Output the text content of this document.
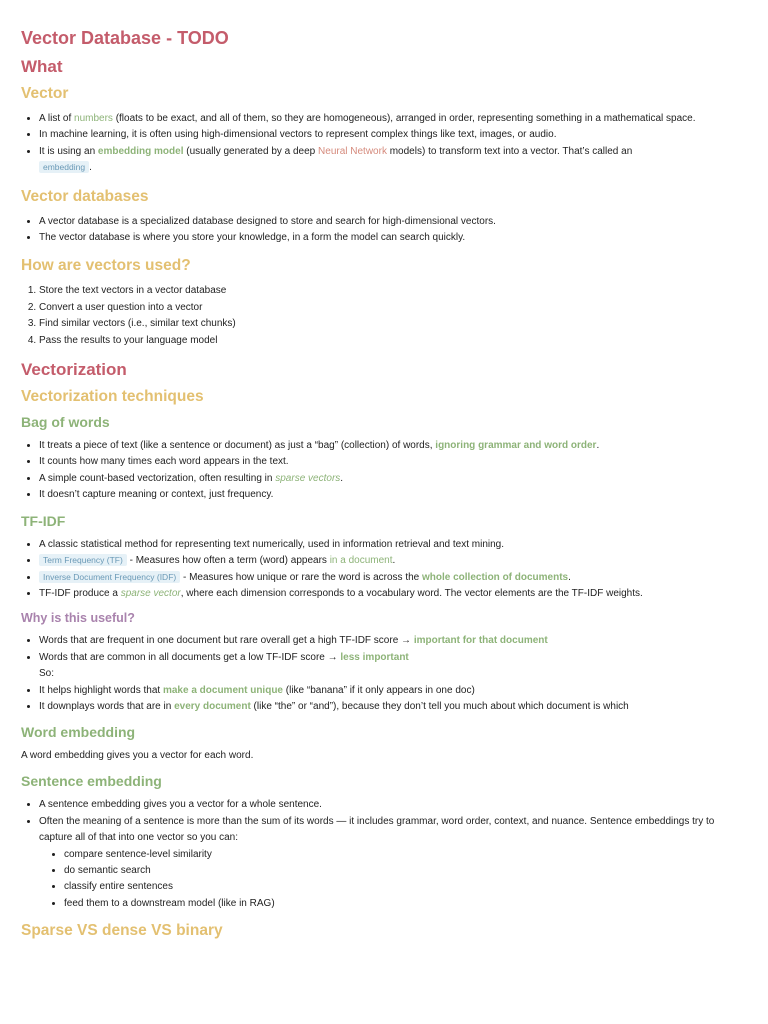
Vector Database - TODO
What
Vector
• A list of numbers (floats to be exact, and all of them, so they are homogeneous), arranged in order, representing something in a mathematical space.
• In machine learning, it is often using high-dimensional vectors to represent complex things like text, images, or audio.
• It is using an embedding model (usually generated by a deep Neural Network models) to transform text into a vector. That’s called an
embedding .
Vector databases
• A vector database is a specialized database designed to store and search for high-dimensional vectors.
• The vector database is where you store your knowledge, in a form the model can search quickly.
How are vectors used?
1. Store the text vectors in a vector database
2. Convert a user question into a vector
3. Find similar vectors (i.e., similar text chunks)
4. Pass the results to your language model
Vectorization
Vectorization techniques
Bag of words
• It treats a piece of text (like a sentence or document) as just a “bag” (collection) of words, ignoring grammar and word order.
• It counts how many times each word appears in the text.
• A simple count-based vectorization, often resulting in sparse vectors.
• It doesn’t capture meaning or context, just frequency.
TF-IDF
• A classic statistical method for representing text numerically, used in information retrieval and text mining.
• Term Frequency (TF) - Measures how often a term (word) appears in a document.
• Inverse Document Frequency (IDF) - Measures how unique or rare the word is across the whole collection of documents.
• TF-IDF produce a sparse vector, where each dimension corresponds to a vocabulary word. The vector elements are the TF-IDF weights.
Why is this useful?
• Words that are frequent in one document but rare overall get a high TF-IDF score → important for that document
• Words that are common in all documents get a low TF-IDF score → less important
So:
• It helps highlight words that make a document unique (like “banana” if it only appears in one doc)
• It downplays words that are in every document (like “the” or “and”), because they don’t tell you much about which document is which
Word embedding

A word embedding gives you a vector for each word.

Sentence embedding
• A sentence embedding gives you a vector for a whole sentence.
• Often the meaning of a sentence is more than the sum of its words — it includes grammar, word order, context, and nuance. Sentence embeddings try to capture all of that into one vector so you can:
• compare sentence-level similarity
• do semantic search
• classify entire sentences
• feed them to a downstream model (like in RAG)
Sparse VS dense VS binary
